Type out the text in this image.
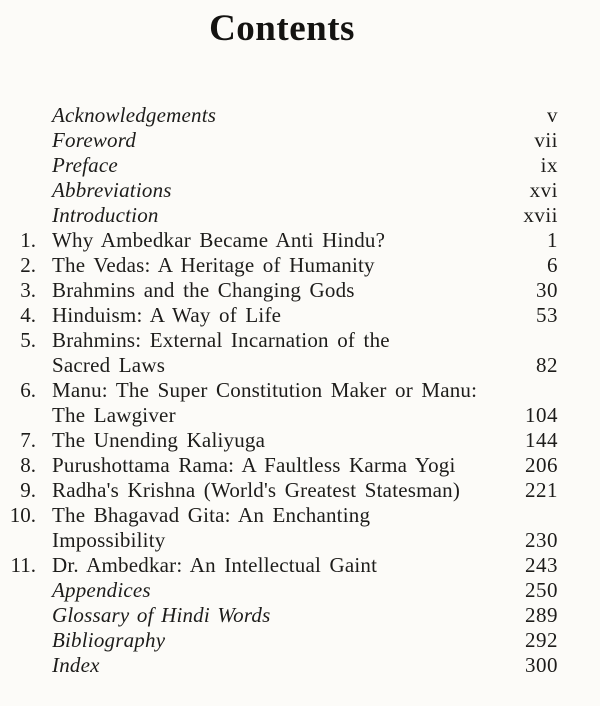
Contents
Acknowledgements	v
Foreword	vii
Preface	ix
Abbreviations	xvi
Introduction	xvii
1. Why Ambedkar Became Anti Hindu?	1
2. The Vedas: A Heritage of Humanity	6
3. Brahmins and the Changing Gods	30
4. Hinduism: A Way of Life	53
5. Brahmins: External Incarnation of the
Sacred Laws	82
6. Manu: The Super Constitution Maker or Manu:
The Lawgiver	104
7. The Unending Kaliyuga	144
8. Purushottama Rama: A Faultless Karma Yogi	206
9. Radha's Krishna (World's Greatest Statesman)	221
10. The Bhagavad Gita: An Enchanting
Impossibility	230
11. Dr. Ambedkar: An Intellectual Gaint	243
Appendices	250
Glossary of Hindi Words	289
Bibliography	292
Index	300
